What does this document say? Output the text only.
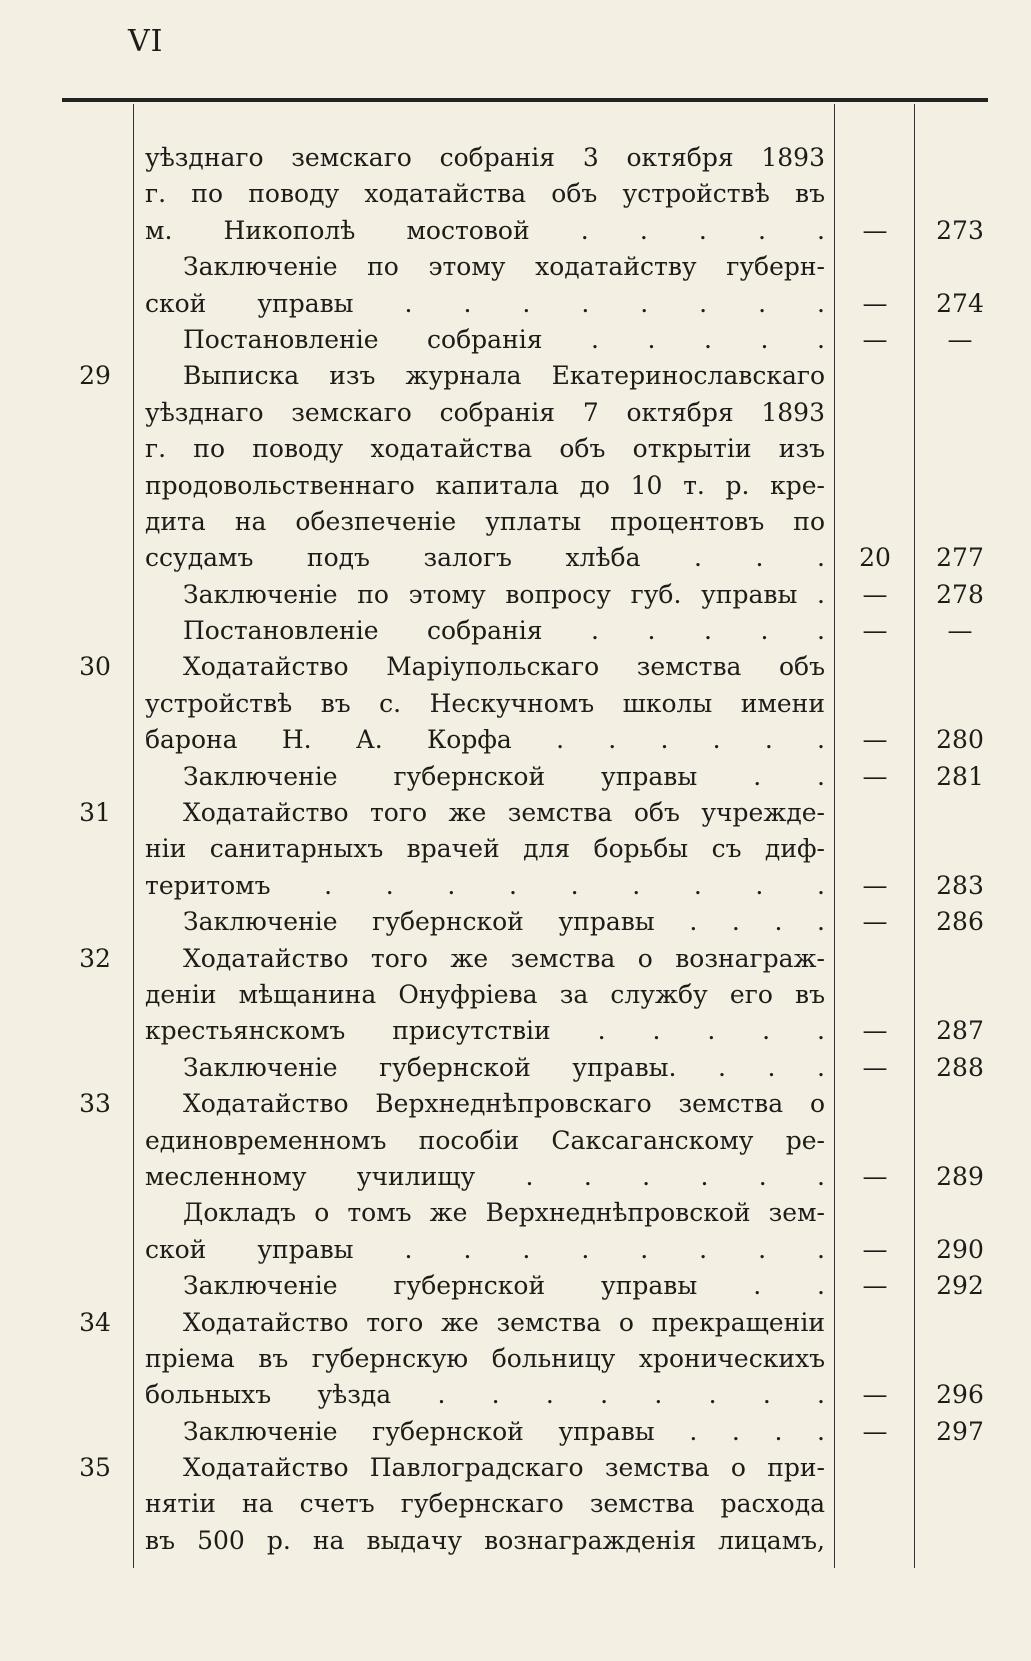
VI
уѣзднаго земскаго собранія 3 октября 1893
г. по поводу ходатайства объ устройствѣ въ
м. Никополѣ мостовой . . . . .	—	273
Заключеніе по этому ходатайству губерн-
ской управы . . . . . . . .	—	274
Постановленіе собранія . . . . .	—	—
29	Выписка изъ журнала Екатеринославскаго
уѣзднаго земскаго собранія 7 октября 1893
г. по поводу ходатайства объ открытіи изъ
продовольственнаго капитала до 10 т. р. кре-
дита на обезпеченіе уплаты процентовъ по
ссудамъ подъ залогъ хлѣба . . .	20	277
Заключеніе по этому вопросу губ. управы .	—	278
Постановленіе собранія . . . . .	—	—
30	Ходатайство Маріупольскаго земства объ
устройствѣ въ с. Нескучномъ школы имени
барона Н. А. Корфа . . . . . .	—	280
Заключеніе губернской управы . .	—	281
31	Ходатайство того же земства объ учрежде-
ніи санитарныхъ врачей для борьбы съ диф-
теритомъ . . . . . . . . .	—	283
Заключеніе губернской управы . . . .	—	286
32	Ходатайство того же земства о вознаграж-
деніи мѣщанина Онуфріева за службу его въ
крестьянскомъ присутствіи . . . . .	—	287
Заключеніе губернской управы. . . .	—	288
33	Ходатайство Верхнеднѣпровскаго земства о
единовременномъ пособіи Саксаганскому ре-
месленному училищу . . . . . .	—	289
Докладъ о томъ же Верхнеднѣпровской зем-
ской управы . . . . . . . .	—	290
Заключеніе губернской управы . .	—	292
34	Ходатайство того же земства о прекращеніи
пріема въ губернскую больницу хроническихъ
больныхъ уѣзда . . . . . . . .	—	296
Заключеніе губернской управы . . . .	—	297
35	Ходатайство Павлоградскаго земства о при-
нятіи на счетъ губернскаго земства расхода
въ 500 р. на выдачу вознагражденія лицамъ,
